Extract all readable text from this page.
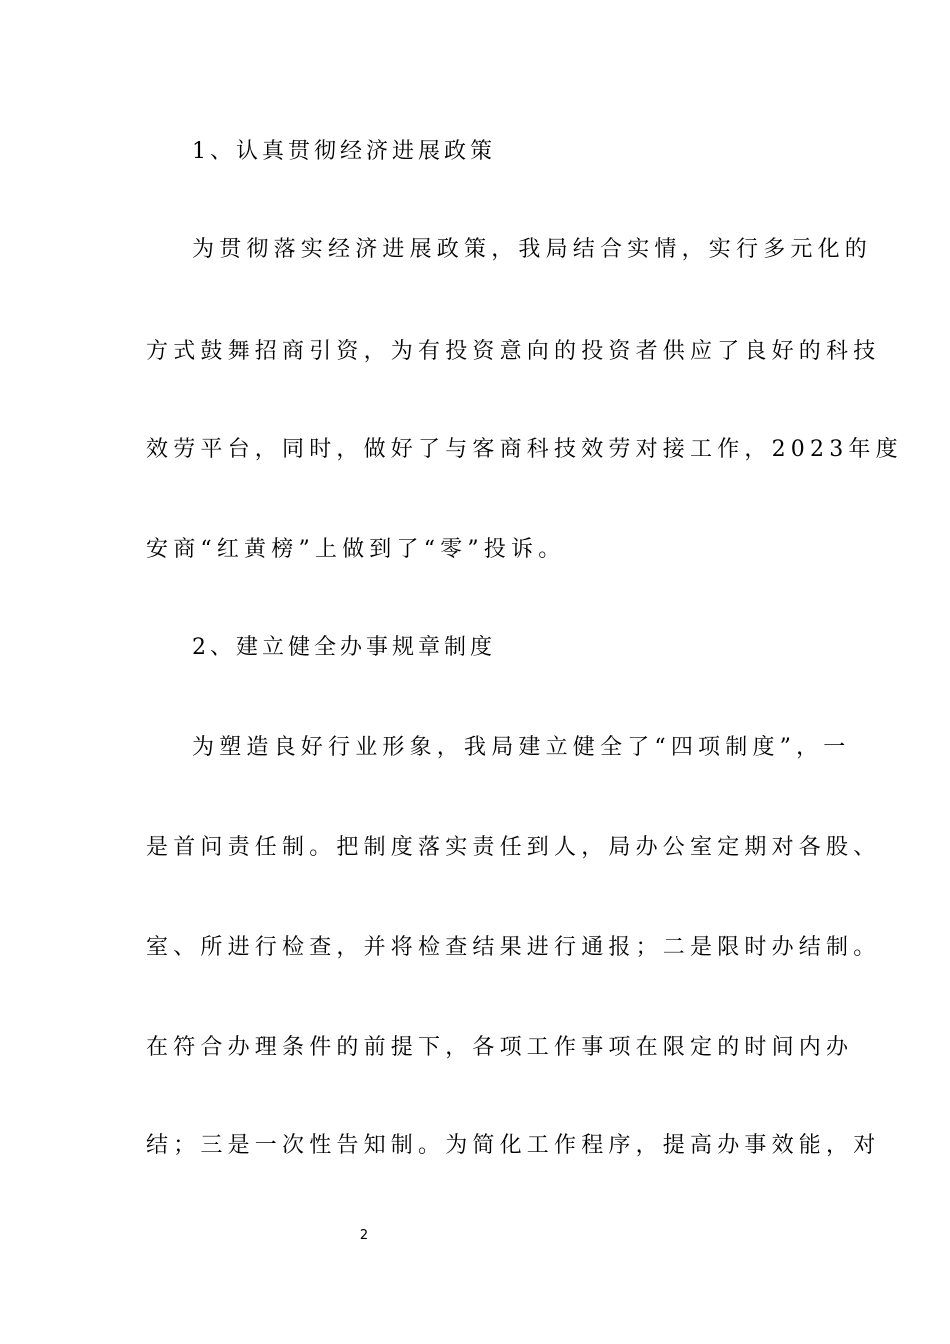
1、认真贯彻经济进展政策
为贯彻落实经济进展政策，我局结合实情，实行多元化的
方式鼓舞招商引资，为有投资意向的投资者供应了良好的科技
效劳平台，同时，做好了与客商科技效劳对接工作，2023年度
安商“红黄榜”上做到了“零”投诉。
2、建立健全办事规章制度
为塑造良好行业形象，我局建立健全了“四项制度”，一
是首问责任制。把制度落实责任到人，局办公室定期对各股、
室、所进行检查，并将检查结果进行通报；二是限时办结制。
在符合办理条件的前提下，各项工作事项在限定的时间内办
结；三是一次性告知制。为简化工作程序，提高办事效能，对
2
